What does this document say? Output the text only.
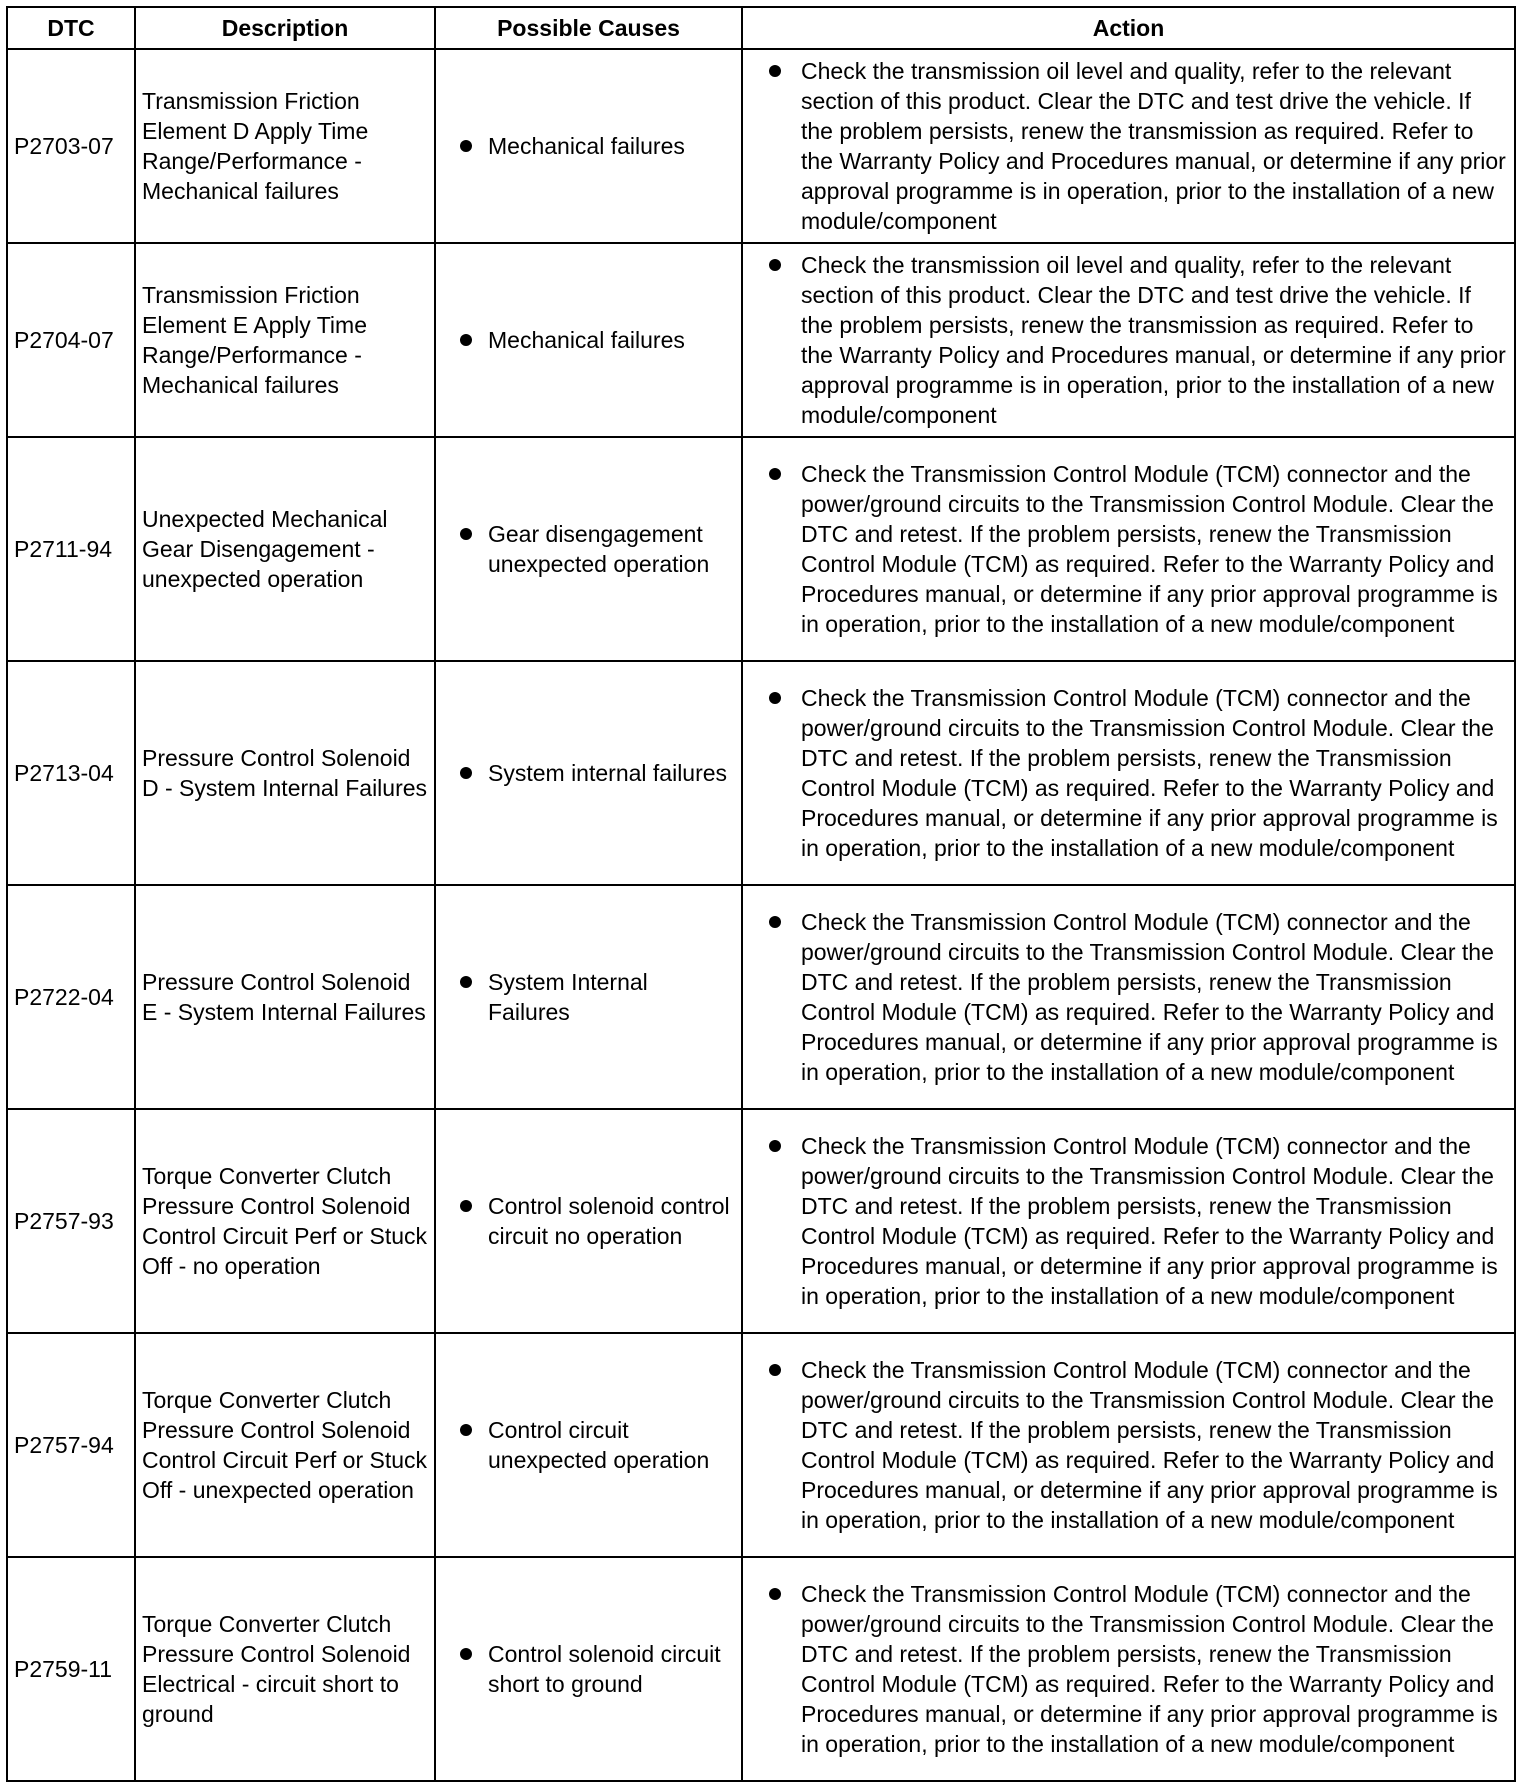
DTC	Description	Possible Causes	Action
P2703-07	Transmission Friction Element D Apply Time Range/Performance - Mechanical failures	Mechanical failures	Check the transmission oil level and quality, refer to the relevant section of this product. Clear the DTC and test drive the vehicle. If the problem persists, renew the transmission as required. Refer to the Warranty Policy and Procedures manual, or determine if any prior approval programme is in operation, prior to the installation of a new module/component

P2704-07	Transmission Friction Element E Apply Time Range/Performance - Mechanical failures	Mechanical failures	Check the transmission oil level and quality, refer to the relevant section of this product. Clear the DTC and test drive the vehicle. If the problem persists, renew the transmission as required. Refer to the Warranty Policy and Procedures manual, or determine if any prior approval programme is in operation, prior to the installation of a new module/component

P2711-94	Unexpected Mechanical Gear Disengagement - unexpected operation	Gear disengagement unexpected operation	Check the Transmission Control Module (TCM) connector and the power/ground circuits to the Transmission Control Module. Clear the DTC and retest. If the problem persists, renew the Transmission Control Module (TCM) as required. Refer to the Warranty Policy and Procedures manual, or determine if any prior approval programme is in operation, prior to the installation of a new module/component

P2713-04	Pressure Control Solenoid D - System Internal Failures	System internal failures	Check the Transmission Control Module (TCM) connector and the power/ground circuits to the Transmission Control Module. Clear the DTC and retest. If the problem persists, renew the Transmission Control Module (TCM) as required. Refer to the Warranty Policy and Procedures manual, or determine if any prior approval programme is in operation, prior to the installation of a new module/component

P2722-04	Pressure Control Solenoid E - System Internal Failures	System Internal Failures	Check the Transmission Control Module (TCM) connector and the power/ground circuits to the Transmission Control Module. Clear the DTC and retest. If the problem persists, renew the Transmission Control Module (TCM) as required. Refer to the Warranty Policy and Procedures manual, or determine if any prior approval programme is in operation, prior to the installation of a new module/component

P2757-93	Torque Converter Clutch Pressure Control Solenoid Control Circuit Perf or Stuck Off - no operation	Control solenoid control circuit no operation	Check the Transmission Control Module (TCM) connector and the power/ground circuits to the Transmission Control Module. Clear the DTC and retest. If the problem persists, renew the Transmission Control Module (TCM) as required. Refer to the Warranty Policy and Procedures manual, or determine if any prior approval programme is in operation, prior to the installation of a new module/component

P2757-94	Torque Converter Clutch Pressure Control Solenoid Control Circuit Perf or Stuck Off - unexpected operation	Control circuit unexpected operation	Check the Transmission Control Module (TCM) connector and the power/ground circuits to the Transmission Control Module. Clear the DTC and retest. If the problem persists, renew the Transmission Control Module (TCM) as required. Refer to the Warranty Policy and Procedures manual, or determine if any prior approval programme is in operation, prior to the installation of a new module/component

P2759-11	Torque Converter Clutch Pressure Control Solenoid Electrical - circuit short to ground	Control solenoid circuit short to ground	Check the Transmission Control Module (TCM) connector and the power/ground circuits to the Transmission Control Module. Clear the DTC and retest. If the problem persists, renew the Transmission Control Module (TCM) as required. Refer to the Warranty Policy and Procedures manual, or determine if any prior approval programme is in operation, prior to the installation of a new module/component
